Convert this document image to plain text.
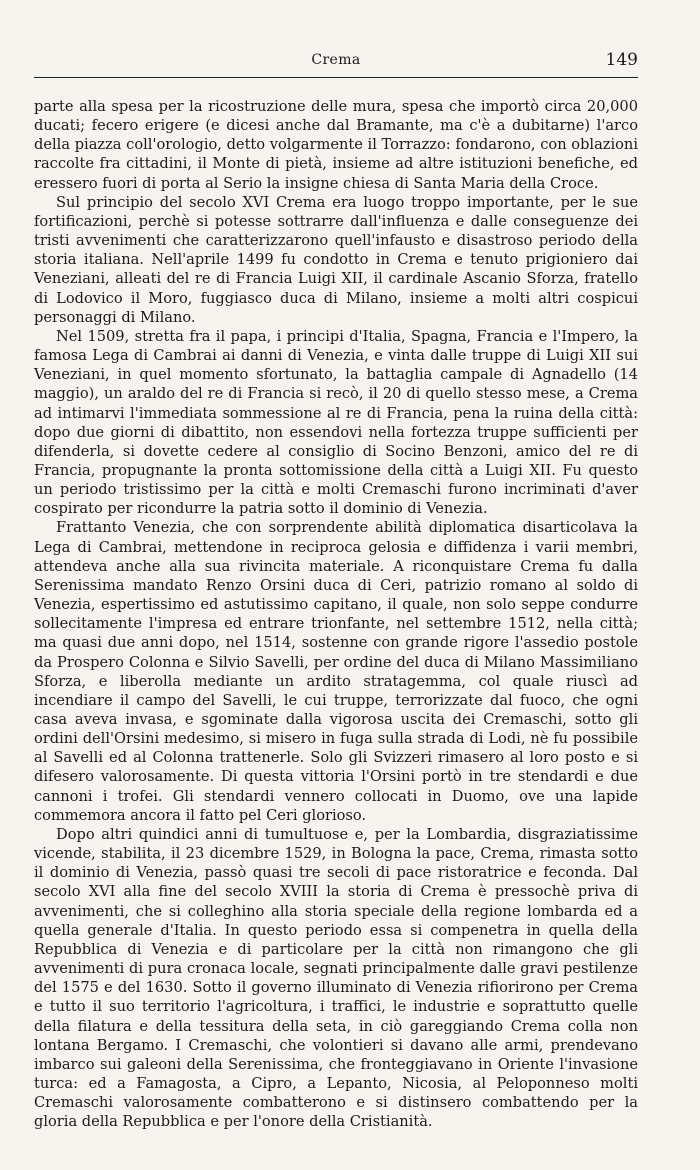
Crema	149

parte alla spesa per la ricostruzione delle mura, spesa che importò circa 20,000 ducati; fecero erigere (e dicesi anche dal Bramante, ma c'è a dubitarne) l'arco della piazza coll'orologio, detto volgarmente il Torrazzo: fondarono, con oblazioni raccolte fra cittadini, il Monte di pietà, insieme ad altre istituzioni benefiche, ed eressero fuori di porta al Serio la insigne chiesa di Santa Maria della Croce.

Sul principio del secolo XVI Crema era luogo troppo importante, per le sue fortificazioni, perchè si potesse sottrarre dall'influenza e dalle conseguenze dei tristi avvenimenti che caratterizzarono quell'infausto e disastroso periodo della storia italiana. Nell'aprile 1499 fu condotto in Crema e tenuto prigioniero dai Veneziani, alleati del re di Francia Luigi XII, il cardinale Ascanio Sforza, fratello di Lodovico il Moro, fuggiasco duca di Milano, insieme a molti altri cospicui personaggi di Milano.

Nel 1509, stretta fra il papa, i principi d'Italia, Spagna, Francia e l'Impero, la famosa Lega di Cambrai ai danni di Venezia, e vinta dalle truppe di Luigi XII sui Veneziani, in quel momento sfortunato, la battaglia campale di Agnadello (14 maggio), un araldo del re di Francia si recò, il 20 di quello stesso mese, a Crema ad intimarvi l'immediata sommessione al re di Francia, pena la ruina della città: dopo due giorni di dibattito, non essendovi nella fortezza truppe sufficienti per difenderla, si dovette cedere al consiglio di Socino Benzoni, amico del re di Francia, propugnante la pronta sottomissione della città a Luigi XII. Fu questo un periodo tristissimo per la città e molti Cremaschi furono incriminati d'aver cospirato per ricondurre la patria sotto il dominio di Venezia.

Frattanto Venezia, che con sorprendente abilità diplomatica disarticolava la Lega di Cambrai, mettendone in reciproca gelosia e diffidenza i varii membri, attendeva anche alla sua rivincita materiale. A riconquistare Crema fu dalla Serenissima mandato Renzo Orsini duca di Ceri, patrizio romano al soldo di Venezia, espertissimo ed astutissimo capitano, il quale, non solo seppe condurre sollecitamente l'impresa ed entrare trionfante, nel settembre 1512, nella città; ma quasi due anni dopo, nel 1514, sostenne con grande rigore l'assedio postole da Prospero Colonna e Silvio Savelli, per ordine del duca di Milano Massimiliano Sforza, e liberolla mediante un ardito stratagemma, col quale riuscì ad incendiare il campo del Savelli, le cui truppe, terrorizzate dal fuoco, che ogni casa aveva invasa, e sgominate dalla vigorosa uscita dei Cremaschi, sotto gli ordini dell'Orsini medesimo, si misero in fuga sulla strada di Lodi, nè fu possibile al Savelli ed al Colonna trattenerle. Solo gli Svizzeri rimasero al loro posto e si difesero valorosamente. Di questa vittoria l'Orsini portò in tre stendardi e due cannoni i trofei. Gli stendardi vennero collocati in Duomo, ove una lapide commemora ancora il fatto pel Ceri glorioso.

Dopo altri quindici anni di tumultuose e, per la Lombardia, disgraziatissime vicende, stabilita, il 23 dicembre 1529, in Bologna la pace, Crema, rimasta sotto il dominio di Venezia, passò quasi tre secoli di pace ristoratrice e feconda. Dal secolo XVI alla fine del secolo XVIII la storia di Crema è pressochè priva di avvenimenti, che si colleghino alla storia speciale della regione lombarda ed a quella generale d'Italia. In questo periodo essa si compenetra in quella della Repubblica di Venezia e di particolare per la città non rimangono che gli avvenimenti di pura cronaca locale, segnati principalmente dalle gravi pestilenze del 1575 e del 1630. Sotto il governo illuminato di Venezia rifiorirono per Crema e tutto il suo territorio l'agricoltura, i traffici, le industrie e soprattutto quelle della filatura e della tessitura della seta, in ciò gareggiando Crema colla non lontana Bergamo. I Cremaschi, che volontieri si davano alle armi, prendevano imbarco sui galeoni della Serenissima, che fronteggiavano in Oriente l'invasione turca: ed a Famagosta, a Cipro, a Lepanto, Nicosia, al Peloponneso molti Cremaschi valorosamente combatterono e si distinsero combattendo per la gloria della Repubblica e per l'onore della Cristianità.
